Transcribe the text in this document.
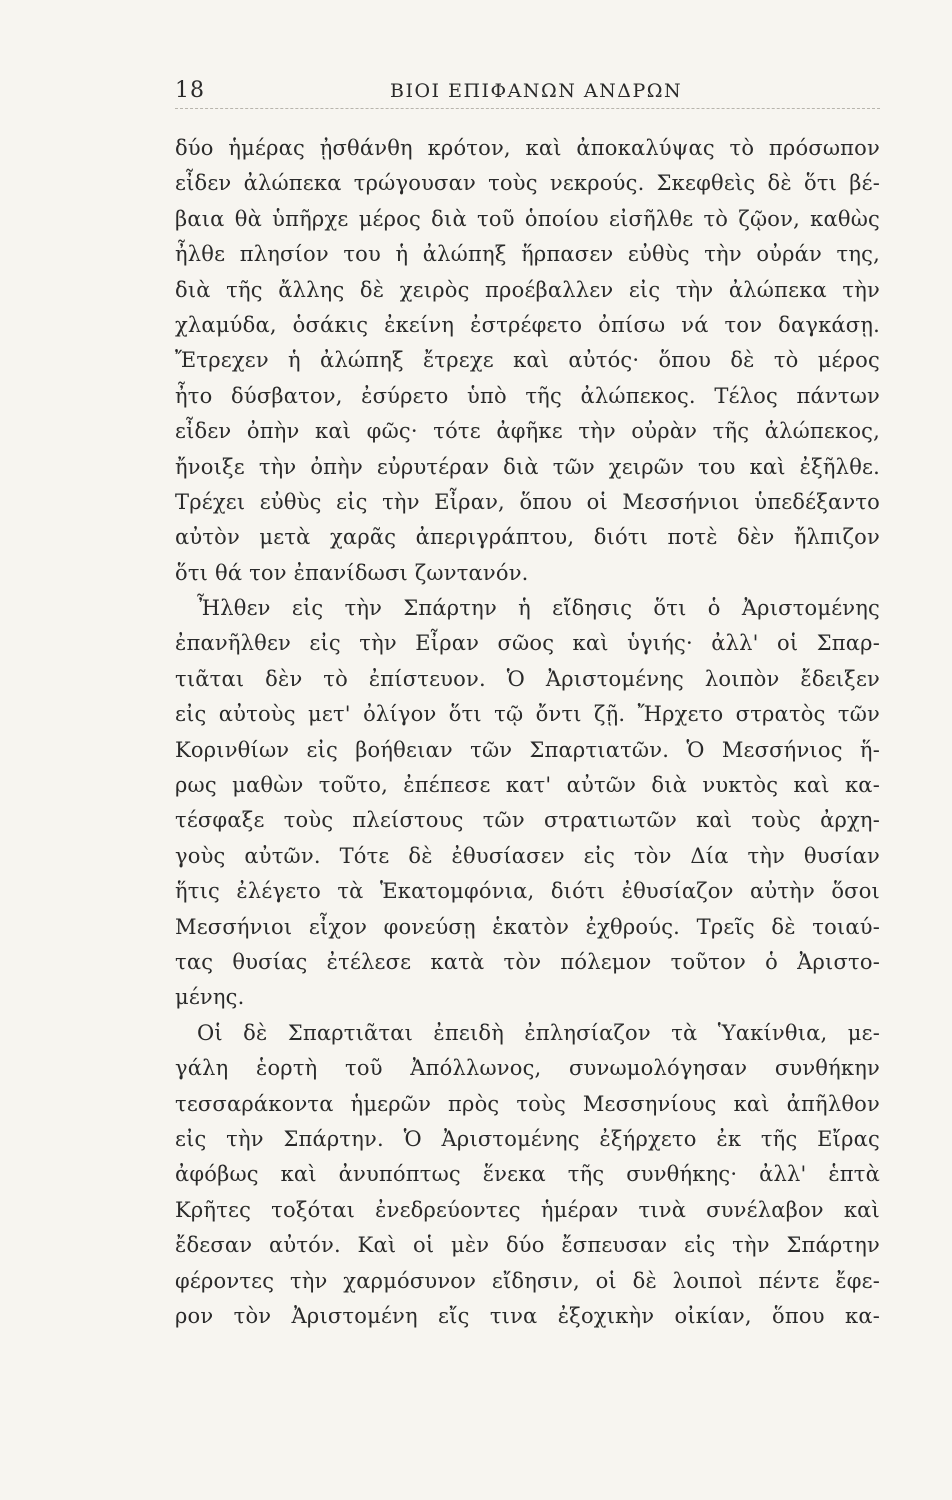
18	ΒΙΟΙ ΕΠΙΦΑΝΩΝ ΑΝΔΡΩΝ
δύο ἡμέρας ᾐσθάνθη κρότον, καὶ ἀποκαλύψας τὸ πρόσωπον
εἶδεν ἀλώπεκα τρώγουσαν τοὺς νεκρούς. Σκεφθεὶς δὲ ὅτι βέ-
βαια θὰ ὑπῆρχε μέρος διὰ τοῦ ὁποίου εἰσῆλθε τὸ ζῷον, καθὼς
ἦλθε πλησίον του ἡ ἀλώπηξ ἥρπασεν εὐθὺς τὴν οὐράν της,
διὰ τῆς ἄλλης δὲ χειρὸς προέβαλλεν εἰς τὴν ἀλώπεκα τὴν
χλαμύδα, ὁσάκις ἐκείνη ἐστρέφετο ὀπίσω νά τον δαγκάσῃ.
Ἔτρεχεν ἡ ἀλώπηξ ἔτρεχε καὶ αὐτός· ὅπου δὲ τὸ μέρος
ἦτο δύσβατον, ἐσύρετο ὑπὸ τῆς ἀλώπεκος. Τέλος πάντων
εἶδεν ὀπὴν καὶ φῶς· τότε ἀφῆκε τὴν οὐρὰν τῆς ἀλώπεκος,
ἤνοιξε τὴν ὀπὴν εὐρυτέραν διὰ τῶν χειρῶν του καὶ ἐξῆλθε.
Τρέχει εὐθὺς εἰς τὴν Εἶραν, ὅπου οἱ Μεσσήνιοι ὑπεδέξαντο
αὐτὸν μετὰ χαρᾶς ἀπεριγράπτου, διότι ποτὲ δὲν ἤλπιζον
ὅτι θά τον ἐπανίδωσι ζωντανόν.
Ἦλθεν εἰς τὴν Σπάρτην ἡ εἴδησις ὅτι ὁ Ἀριστομένης
ἐπανῆλθεν εἰς τὴν Εἶραν σῶος καὶ ὑγιής· ἀλλ' οἱ Σπαρ-
τιᾶται δὲν τὸ ἐπίστευον. Ὁ Ἀριστομένης λοιπὸν ἔδειξεν
εἰς αὐτοὺς μετ' ὀλίγον ὅτι τῷ ὄντι ζῇ. Ἤρχετο στρατὸς τῶν
Κορινθίων εἰς βοήθειαν τῶν Σπαρτιατῶν. Ὁ Μεσσήνιος ἥ-
ρως μαθὼν τοῦτο, ἐπέπεσε κατ' αὐτῶν διὰ νυκτὸς καὶ κα-
τέσφαξε τοὺς πλείστους τῶν στρατιωτῶν καὶ τοὺς ἀρχη-
γοὺς αὐτῶν. Τότε δὲ ἐθυσίασεν εἰς τὸν Δία τὴν θυσίαν
ἥτις ἐλέγετο τὰ Ἑκατομφόνια, διότι ἐθυσίαζον αὐτὴν ὅσοι
Μεσσήνιοι εἶχον φονεύσῃ ἑκατὸν ἐχθρούς. Τρεῖς δὲ τοιαύ-
τας θυσίας ἐτέλεσε κατὰ τὸν πόλεμον τοῦτον ὁ Ἀριστο-
μένης.
Οἱ δὲ Σπαρτιᾶται ἐπειδὴ ἐπλησίαζον τὰ Ὑακίνθια, με-
γάλη ἑορτὴ τοῦ Ἀπόλλωνος, συνωμολόγησαν συνθήκην
τεσσαράκοντα ἡμερῶν πρὸς τοὺς Μεσσηνίους καὶ ἀπῆλθον
εἰς τὴν Σπάρτην. Ὁ Ἀριστομένης ἐξήρχετο ἐκ τῆς Εἴρας
ἀφόβως καὶ ἀνυπόπτως ἕνεκα τῆς συνθήκης· ἀλλ' ἑπτὰ
Κρῆτες τοξόται ἐνεδρεύοντες ἡμέραν τινὰ συνέλαβον καὶ
ἔδεσαν αὐτόν. Καὶ οἱ μὲν δύο ἔσπευσαν εἰς τὴν Σπάρτην
φέροντες τὴν χαρμόσυνον εἴδησιν, οἱ δὲ λοιποὶ πέντε ἔφε-
ρον τὸν Ἀριστομένη εἴς τινα ἐξοχικὴν οἰκίαν, ὅπου κα-
